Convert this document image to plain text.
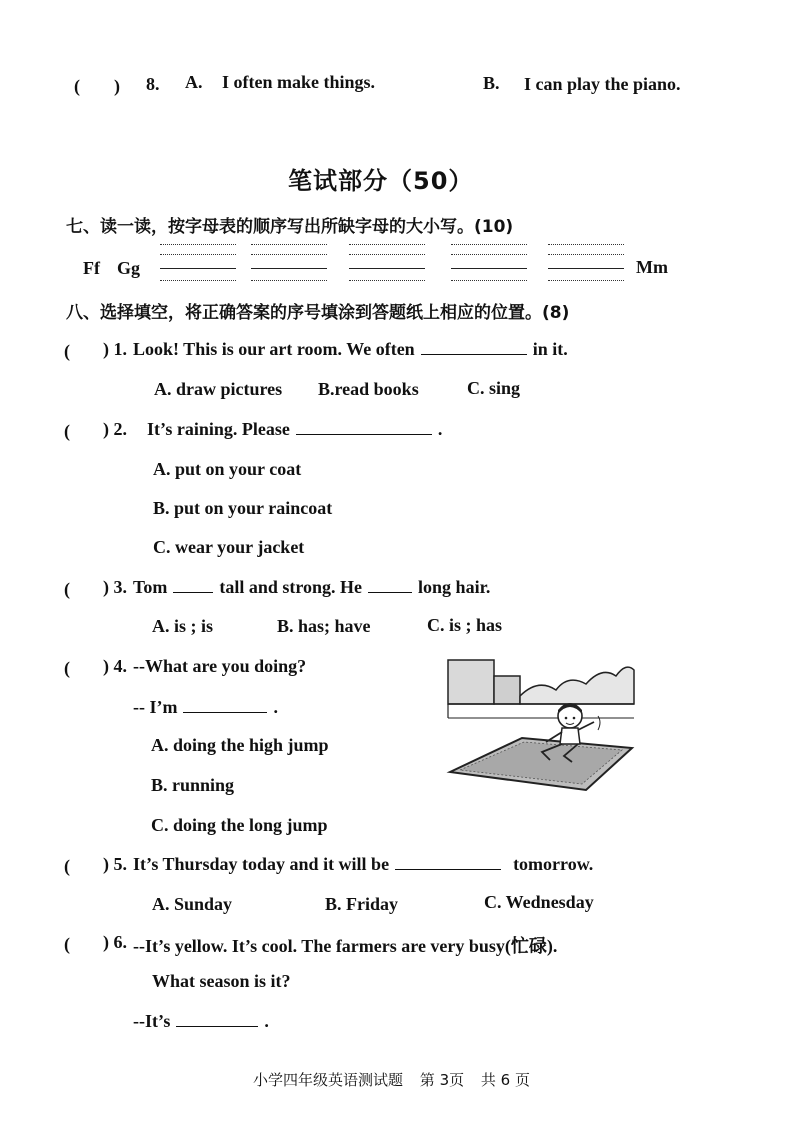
( ) 8. A. I often make things.	B. I can play the piano.
笔试部分（50）
七、读一读，按字母表的顺序写出所缺字母的大小写。(10)
Ff Gg	Mm
八、选择填空，将正确答案的序号填涂到答题纸上相应的位置。(8)
( ) 1. Look! This is our art room. We often	in it.
A. draw pictures B.read books	C. sing
( ) 2. It’s raining. Please	.
A. put on your coat
B. put on your raincoat
C. wear your jacket
( ) 3. Tom	tall and strong. He	long hair.
A. is ; is	B. has; have	C. is ; has
( ) 4. --What are you doing?
-- I’m	.
A. doing the high jump
B. running
C. doing the long jump
( ) 5. It’s Thursday today and it will be	tomorrow.
A. Sunday	B. Friday	C. Wednesday
( ) 6. --It’s yellow. It’s cool. The farmers are very busy(忙碌).
What season is it?
--It’s	.
小学四年级英语测试题 第 3页 共 6 页
